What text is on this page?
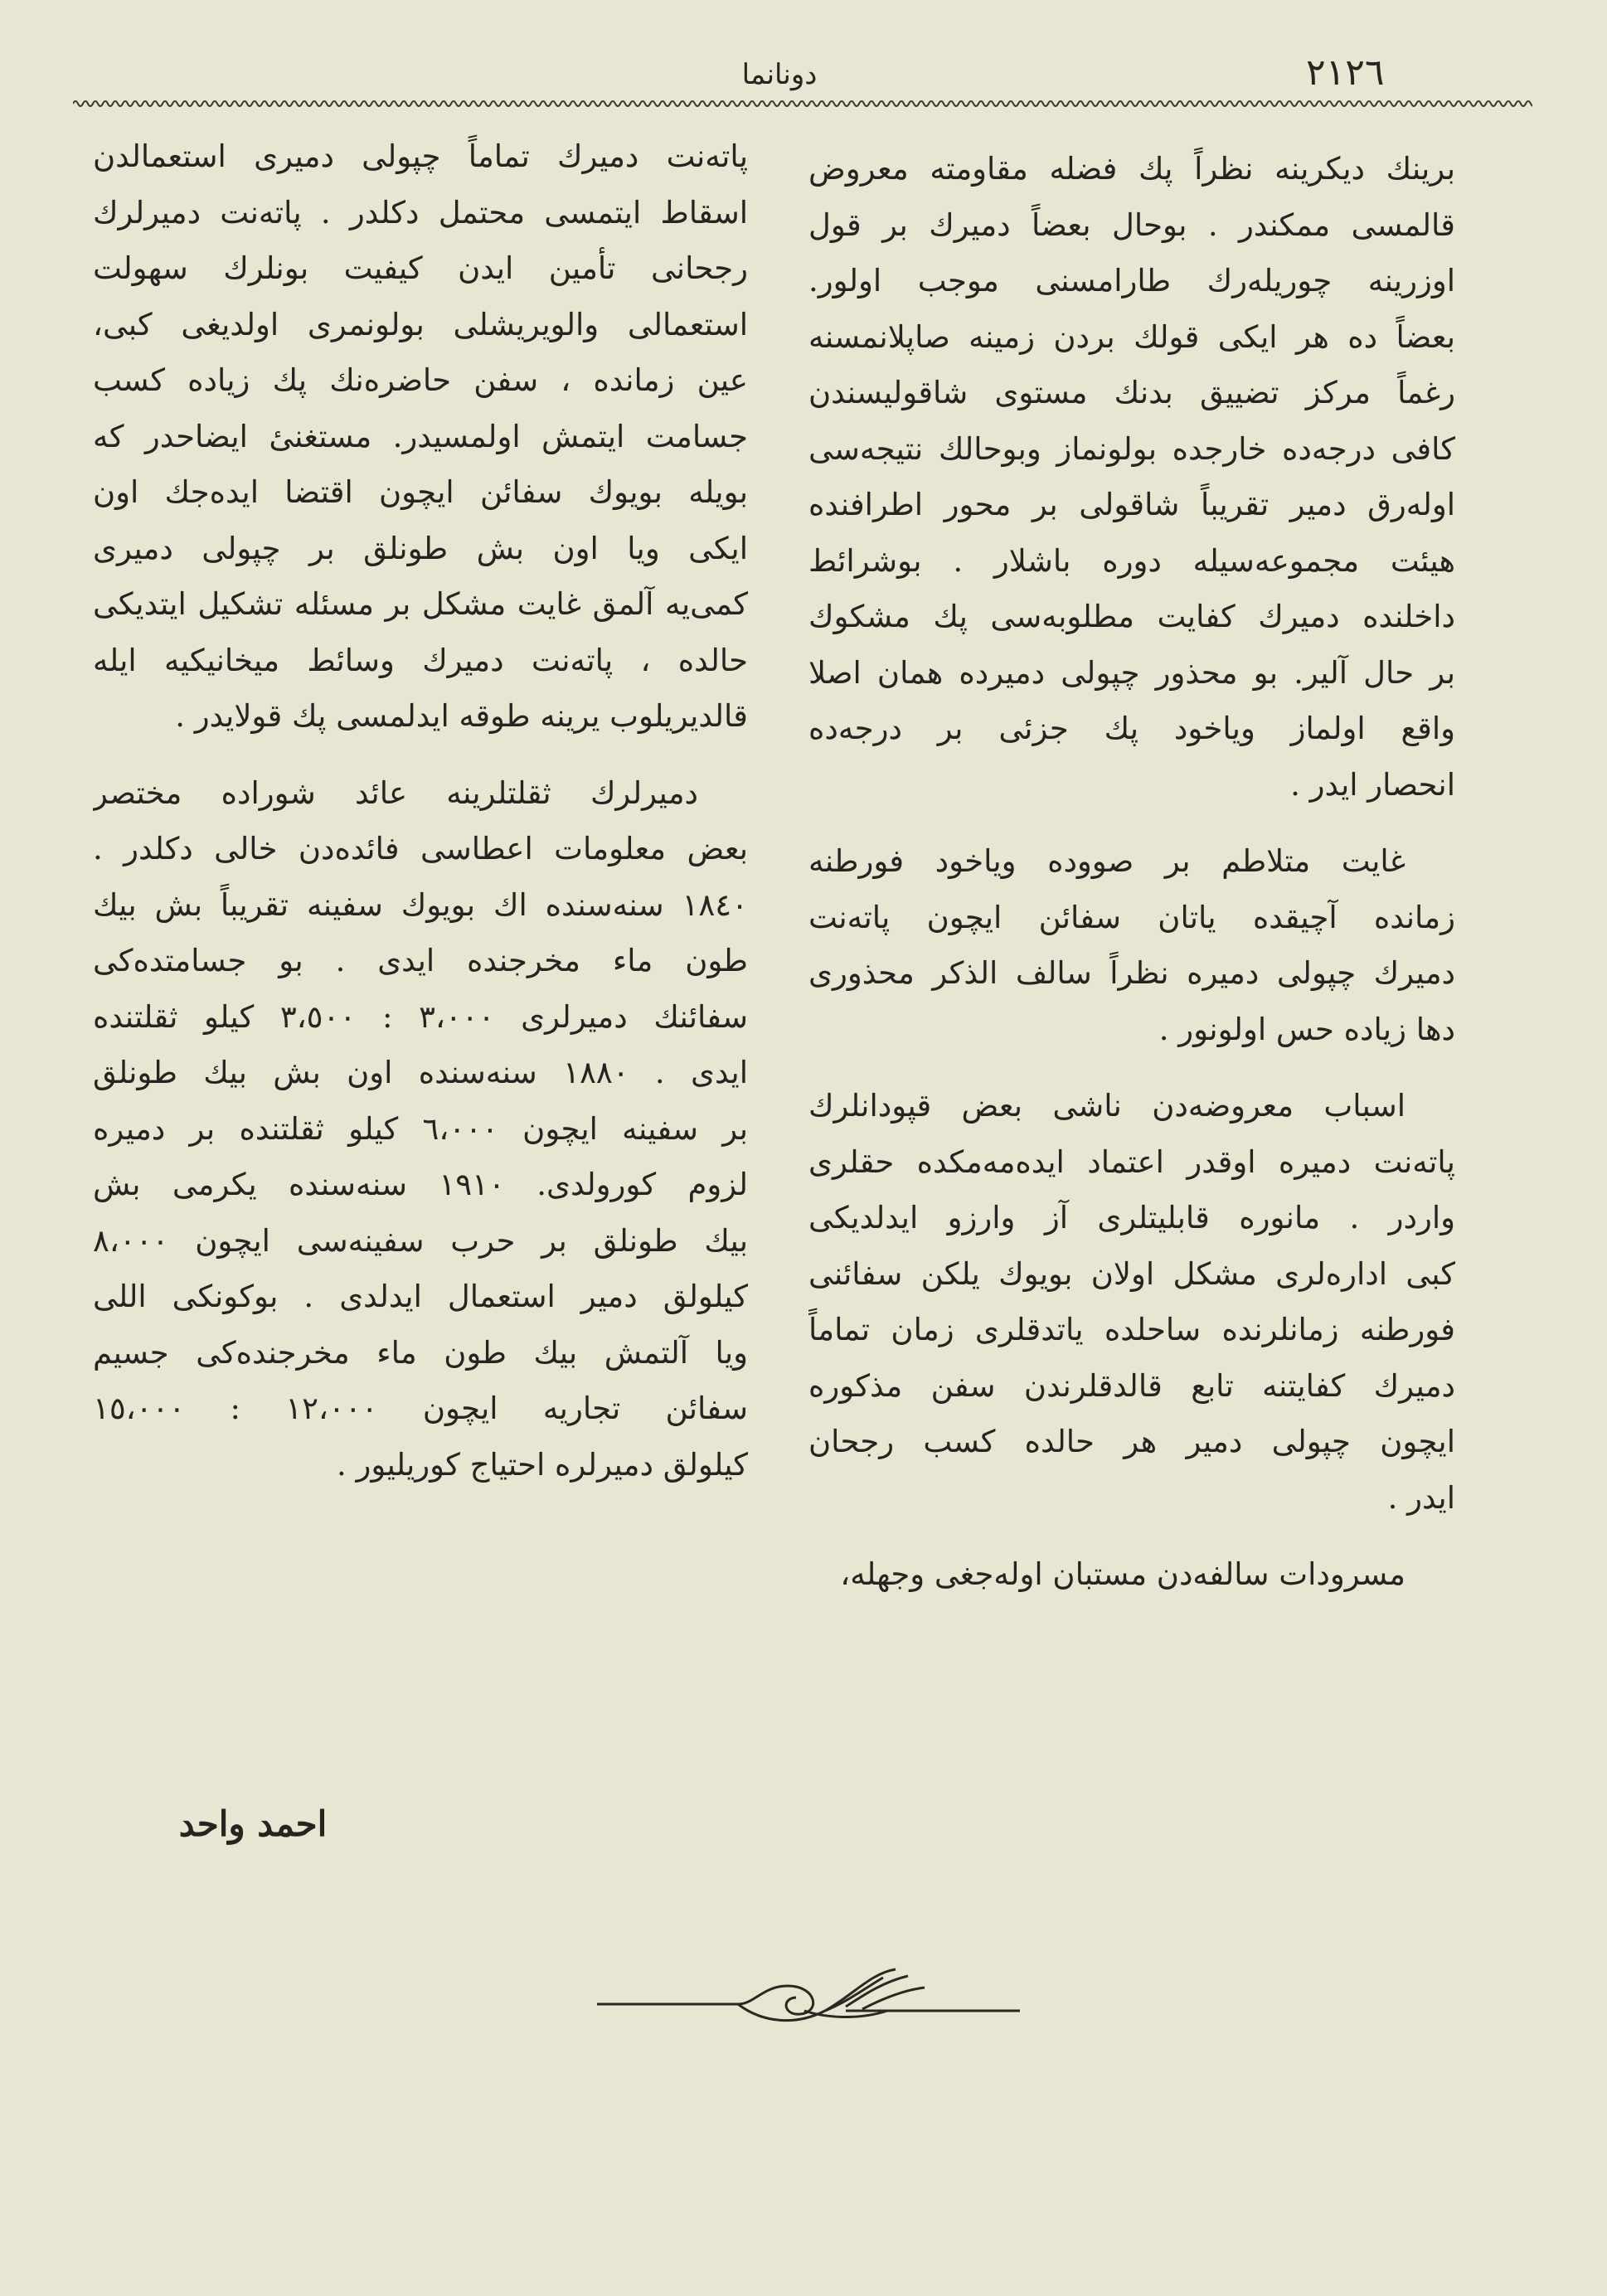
٢١٢٦
دونانما
برينك ديكرينه نظراً پك فضله مقاومته معروض
قالمسی ممكندر . بوحال بعضاً دميرك بر قول
اوزرينه چوريله‌رك طارامسنی موجب اولور.
بعضاً ده هر ايكی قولك بردن زمينه صاپلانمسنه
رغماً مركز تضييق بدنك مستوی شاقوليسندن
كافی درجه‌ده خارجده بولونماز وبوحالك نتيجه‌سی
اوله‌رق دمير تقريباً شاقولی بر محور اطرافنده
هيئت مجموعه‌سيله دوره باشلار . بوشرائط
داخلنده دميرك كفايت مطلوبه‌سی پك مشكوك
بر حال آلير. بو محذور چپولی دميرده همان اصلا
واقع اولماز وياخود پك جزئی بر درجه‌ده
انحصار ايدر .
غايت متلاطم بر صووده وياخود فورطنه
زمانده آچيقده ياتان سفائن ايچون پاته‌نت
دميرك چپولی دميره نظراً سالف الذكر محذوری
دها زياده حس اولونور .
اسباب معروضه‌دن ناشی بعض قپودانلرك
پاته‌نت دميره اوقدر اعتماد ايده‌مه‌مكده حقلری
واردر . مانوره قابليتلری آز وارزو ايدلديكی
كبی اداره‌لری مشكل اولان بويوك يلكن سفائنی
فورطنه زمانلرنده ساحلده ياتدقلری زمان تماماً
دميرك كفايتنه تابع قالدقلرندن سفن مذكوره
ايچون چپولی دمير هر حالده كسب رجحان
ايدر .
مسرودات سالفه‌دن مستبان اوله‌جغی وجهله،
پاته‌نت دميرك تماماً چپولی دميری استعمالدن
اسقاط ايتمسی محتمل دكلدر . پاته‌نت دميرلرك
رجحانی تأمين ايدن كيفيت بونلرك سهولت
استعمالی والويريشلی بولونمری اولديغی كبی،
عين زمانده ، سفن حاضره‌نك پك زياده كسب
جسامت ايتمش اولمسيدر. مستغنیٔ ايضاحدر كه
بويله بويوك سفائن ايچون اقتضا ايده‌جك اون
ايكی ويا اون بش طونلق بر چپولی دميری
كمی‌يه آلمق غايت مشكل بر مسئله تشكيل ايتديكی
حالده ، پاته‌نت دميرك وسائط ميخانيكيه ايله
قالديريلوب يرينه طوقه ايدلمسی پك قولايدر .
دميرلرك ثقلتلرينه عائد شوراده مختصر
بعض معلومات اعطاسی فائده‌دن خالی دكلدر .
١٨٤٠ سنه‌سنده اك بويوك سفينه تقريباً بش بيك
طون ماء مخرجنده ايدی . بو جسامتده‌كی
سفائنك دميرلری ٣،٠٠٠ : ٣،٥٠٠ كيلو ثقلتنده
ايدی . ١٨٨٠ سنه‌سنده اون بش بيك طونلق
بر سفينه ايچون ٦،٠٠٠ كيلو ثقلتنده بر دميره
لزوم كورولدی. ١٩١٠ سنه‌سنده يكرمی بش
بيك طونلق بر حرب سفينه‌سی ايچون ٨،٠٠٠
كيلولق دمير استعمال ايدلدی . بوكونكی اللی
ويا آلتمش بيك طون ماء مخرجنده‌كی جسيم
سفائن تجاريه ايچون ١٢،٠٠٠ : ١٥،٠٠٠
كيلولق دميرلره احتياج كوريليور .
احمد واحد
